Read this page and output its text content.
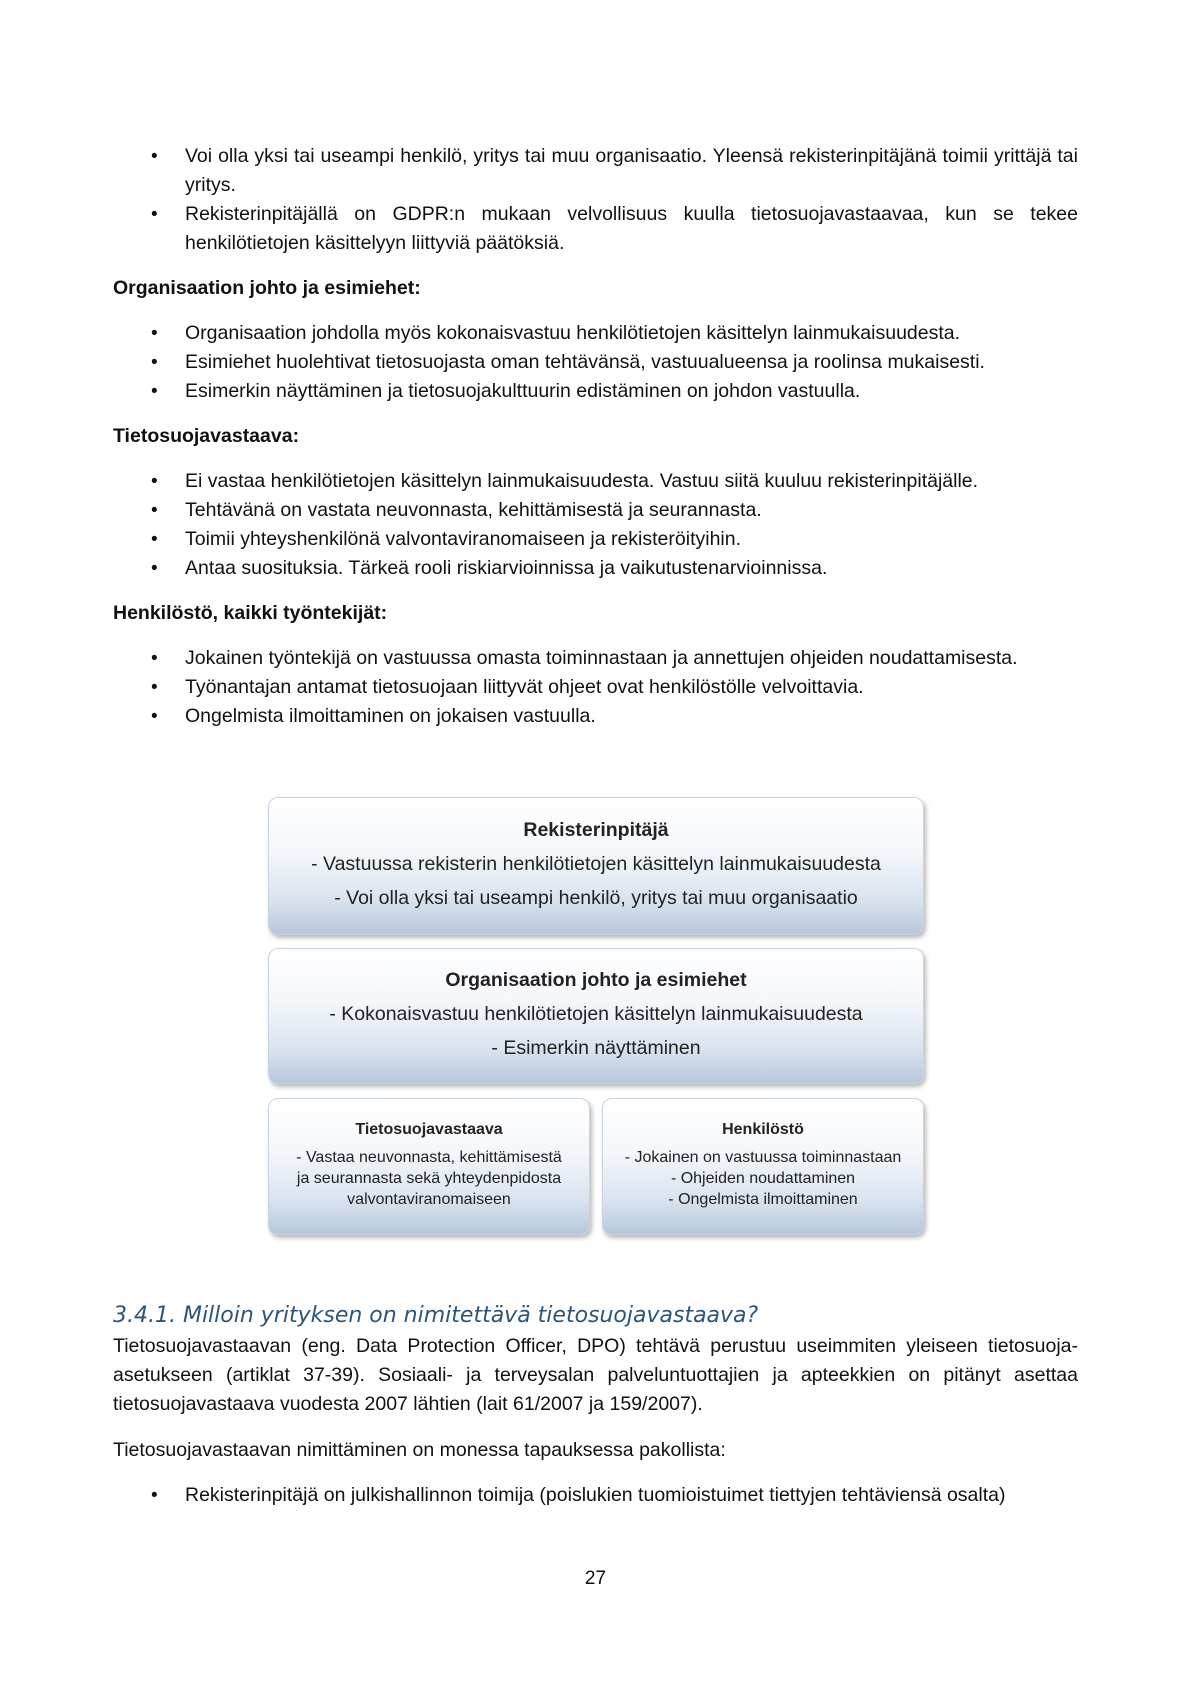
• Voi olla yksi tai useampi henkilö, yritys tai muu organisaatio. Yleensä rekisterinpitäjänä toimii yrittäjä tai yritys.
• Rekisterinpitäjällä on GDPR:n mukaan velvollisuus kuulla tietosuojavastaavaa, kun se tekee henkilötietojen käsittelyyn liittyviä päätöksiä.
Organisaation johto ja esimiehet:
• Organisaation johdolla myös kokonaisvastuu henkilötietojen käsittelyn lainmukaisuudesta.
• Esimiehet huolehtivat tietosuojasta oman tehtävänsä, vastuualueensa ja roolinsa mukaisesti.
• Esimerkin näyttäminen ja tietosuojakulttuurin edistäminen on johdon vastuulla.
Tietosuojavastaava:
• Ei vastaa henkilötietojen käsittelyn lainmukaisuudesta. Vastuu siitä kuuluu rekisterinpitäjälle.
• Tehtävänä on vastata neuvonnasta, kehittämisestä ja seurannasta.
• Toimii yhteyshenkilönä valvontaviranomaiseen ja rekisteröityihin.
• Antaa suosituksia. Tärkeä rooli riskiarvioinnissa ja vaikutustenarvioinnissa.
Henkilöstö, kaikki työntekijät:
• Jokainen työntekijä on vastuussa omasta toiminnastaan ja annettujen ohjeiden noudattamisesta.
• Työnantajan antamat tietosuojaan liittyvät ohjeet ovat henkilöstölle velvoittavia.
• Ongelmista ilmoittaminen on jokaisen vastuulla.
Rekisterinpitäjä
- Vastuussa rekisterin henkilötietojen käsittelyn lainmukaisuudesta
- Voi olla yksi tai useampi henkilö, yritys tai muu organisaatio
Organisaation johto ja esimiehet
- Kokonaisvastuu henkilötietojen käsittelyn lainmukaisuudesta
- Esimerkin näyttäminen
Tietosuojavastaava
- Vastaa neuvonnasta, kehittämisestä
ja seurannasta sekä yhteydenpidosta
valvontaviranomaiseen
Henkilöstö
- Jokainen on vastuussa toiminnastaan
- Ohjeiden noudattaminen
- Ongelmista ilmoittaminen
3.4.1. Milloin yrityksen on nimitettävä tietosuojavastaava?

Tietosuojavastaavan (eng. Data Protection Officer, DPO) tehtävä perustuu useimmiten yleiseen tietosuoja-asetukseen (artiklat 37-39). Sosiaali- ja terveysalan palveluntuottajien ja apteekkien on pitänyt asettaa tietosuojavastaava vuodesta 2007 lähtien (lait 61/2007 ja 159/2007).

Tietosuojavastaavan nimittäminen on monessa tapauksessa pakollista:

• Rekisterinpitäjä on julkishallinnon toimija (poislukien tuomioistuimet tiettyjen tehtäviensä osalta)
27
